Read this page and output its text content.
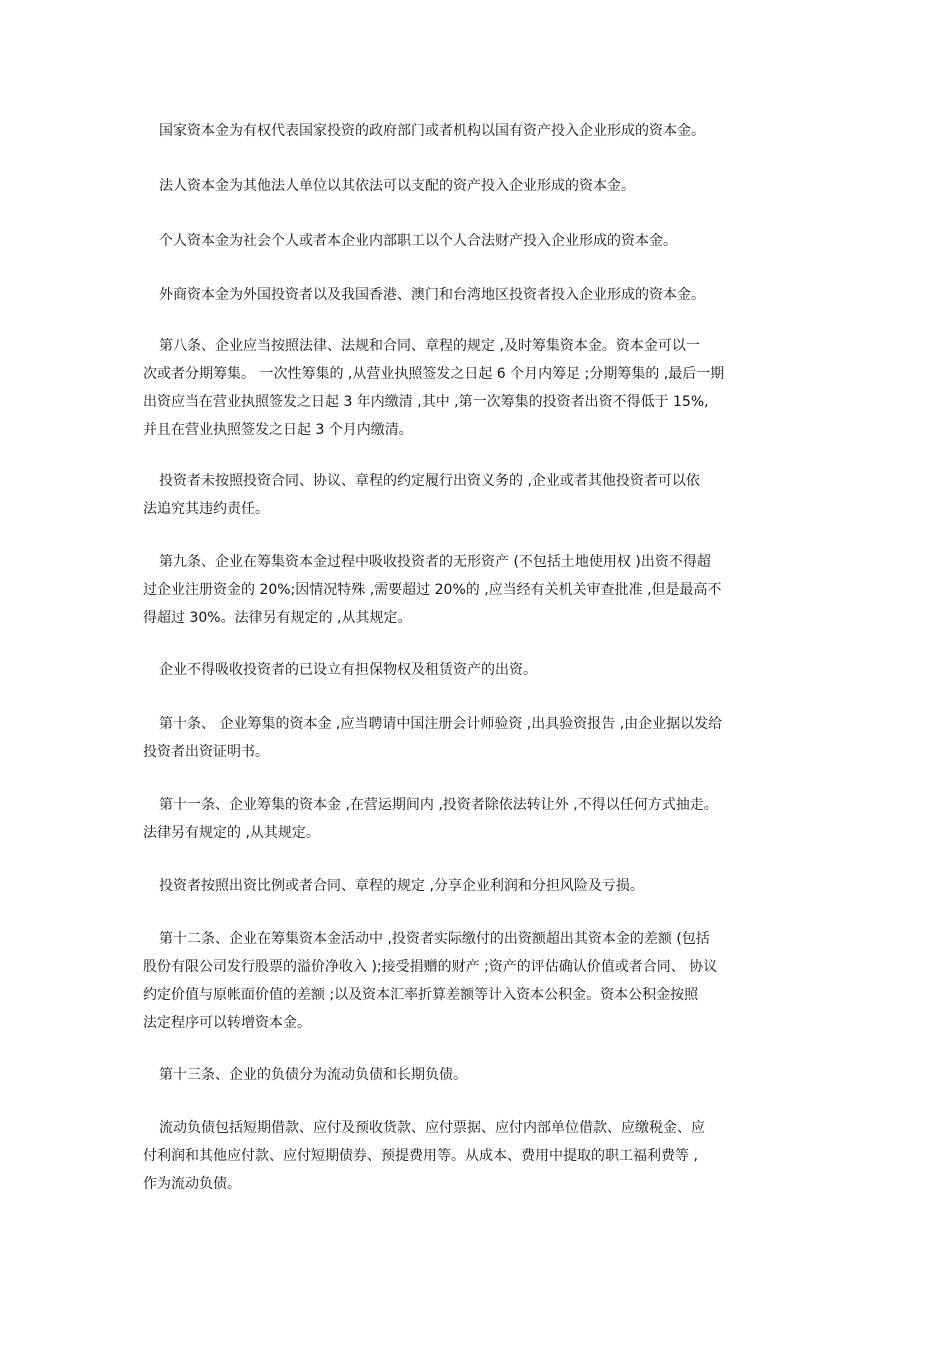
国家资本金为有权代表国家投资的政府部门或者机构以国有资产投入企业形成的资本金。
法人资本金为其他法人单位以其依法可以支配的资产投入企业形成的资本金。
个人资本金为社会个人或者本企业内部职工以个人合法财产投入企业形成的资本金。
外商资本金为外国投资者以及我国香港、澳门和台湾地区投资者投入企业形成的资本金。
第八条、企业应当按照法律、法规和合同、章程的规定 ,及时筹集资本金。资本金可以一
次或者分期筹集。 一次性筹集的 ,从营业执照签发之日起 6 个月内筹足 ;分期筹集的 ,最后一期
出资应当在营业执照签发之日起 3 年内缴清 ,其中 ,第一次筹集的投资者出资不得低于 15%,
并且在营业执照签发之日起 3 个月内缴清。
投资者未按照投资合同、协议、章程的约定履行出资义务的 ,企业或者其他投资者可以依
法追究其违约责任。
第九条、企业在筹集资本金过程中吸收投资者的无形资产 (不包括土地使用权 )出资不得超
过企业注册资金的 20%;因情况特殊 ,需要超过 20%的 ,应当经有关机关审查批准 ,但是最高不
得超过 30%。法律另有规定的 ,从其规定。
企业不得吸收投资者的已设立有担保物权及租赁资产的出资。
第十条、 企业筹集的资本金 ,应当聘请中国注册会计师验资 ,出具验资报告 ,由企业据以发给
投资者出资证明书。
第十一条、企业筹集的资本金 ,在营运期间内 ,投资者除依法转让外 ,不得以任何方式抽走。
法律另有规定的 ,从其规定。
投资者按照出资比例或者合同、章程的规定 ,分享企业利润和分担风险及亏损。
第十二条、企业在筹集资本金活动中 ,投资者实际缴付的出资额超出其资本金的差额 (包括
股份有限公司发行股票的溢价净收入 );接受捐赠的财产 ;资产的评估确认价值或者合同、 协议
约定价值与原帐面价值的差额 ;以及资本汇率折算差额等计入资本公积金。资本公积金按照
法定程序可以转增资本金。
第十三条、企业的负债分为流动负债和长期负债。
流动负债包括短期借款、应付及预收货款、应付票据、应付内部单位借款、应缴税金、应
付利润和其他应付款、应付短期债券、预提费用等。从成本、费用中提取的职工福利费等 ,
作为流动负债。
